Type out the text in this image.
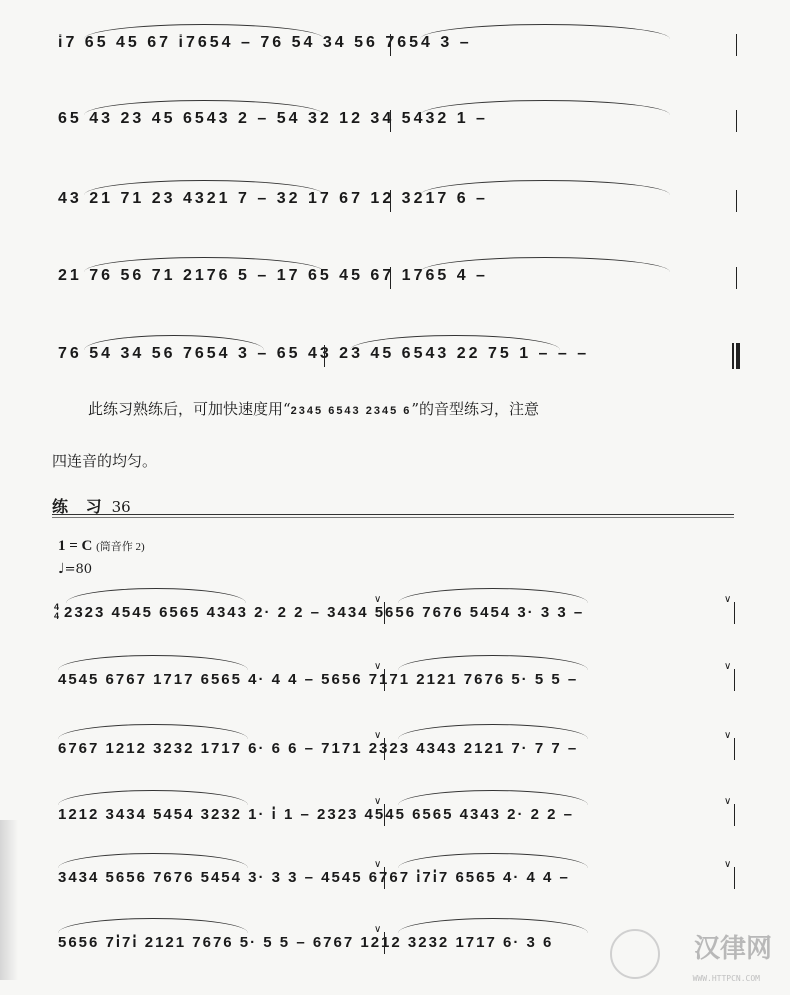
i̇7 65 45 67 i̇7654 – 76 54 34 56 7654 3 –
65 43 23 45 6543 2 – 54 32 12 34 5432 1 –
43 21 71 23 4321 7 – 32 17 67 12 3217 6 –
21 76 56 71 2176 5 – 17 65 45 67 1765 4 –
76 54 34 56 7654 3 – 65 43 23 45 6543 22 75 1 – – –
此练习熟练后，可加快速度用“2345 6543 2345 6”的音型练习，注意
四连音的均匀。
练 习 36
1 = C (筒音作 2)
♩=80
4
4 2323 4545 6565 4343 2· 2 2 – 3434 5656 7676 5454 3· 3 3 –
4545 6767 1717 6565 4· 4 4 – 5656 7171 2121 7676 5· 5 5 –
6767 1212 3232 1717 6· 6 6 – 7171 2323 4343 2121 7· 7 7 –
1212 3434 5454 3232 1· i̇ 1 – 2323 4545 6565 4343 2· 2 2 –
3434 5656 7676 5454 3· 3 3 – 4545 6767 i̇7i̇7 6565 4· 4 4 –
5656 7i̇7i̇ 2121 7676 5· 5 5 – 6767 1212 3232 1717 6· 3 6
∨	∨
∨	∨
∨	∨
∨	∨
∨	∨
∨
汉律网
WWW.HTTPCN.COM
